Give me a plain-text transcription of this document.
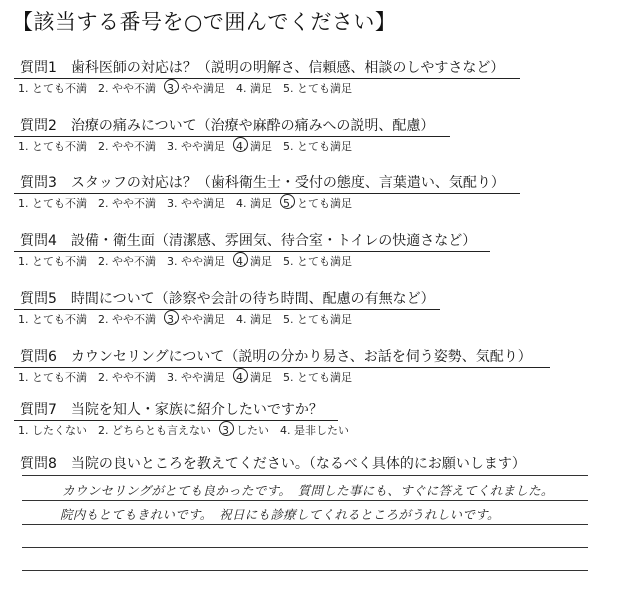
【該当する番号を○で囲んでください】
質問1　歯科医師の対応は？（説明の明解さ、信頼感、相談のしやすさなど）
1. とても不満 2. やや不満 3. やや満足 4. 満足 5. とても満足
質問2　治療の痛みについて（治療や麻酔の痛みへの説明、配慮）
1. とても不満 2. やや不満 3. やや満足 4. 満足 5. とても満足
質問3　スタッフの対応は？（歯科衛生士・受付の態度、言葉遣い、気配り）
1. とても不満 2. やや不満 3. やや満足 4. 満足 5. とても満足
質問4　設備・衛生面（清潔感、雰囲気、待合室・トイレの快適さなど）
1. とても不満 2. やや不満 3. やや満足 4. 満足 5. とても満足
質問5　時間について（診察や会計の待ち時間、配慮の有無など）
1. とても不満 2. やや不満 3. やや満足 4. 満足 5. とても満足
質問6　カウンセリングについて（説明の分かり易さ、お話を伺う姿勢、気配り）
1. とても不満 2. やや不満 3. やや満足 4. 満足 5. とても満足
質問7　当院を知人・家族に紹介したいですか？
1. したくない 2. どちらとも言えない 3. したい 4. 是非したい
質問8　当院の良いところを教えてください。（なるべく具体的にお願いします）
カウンセリングがとても良かったです。　質問した事にも、すぐに答えてくれました。
院内もとてもきれいです。　祝日にも診療してくれるところがうれしいです。
